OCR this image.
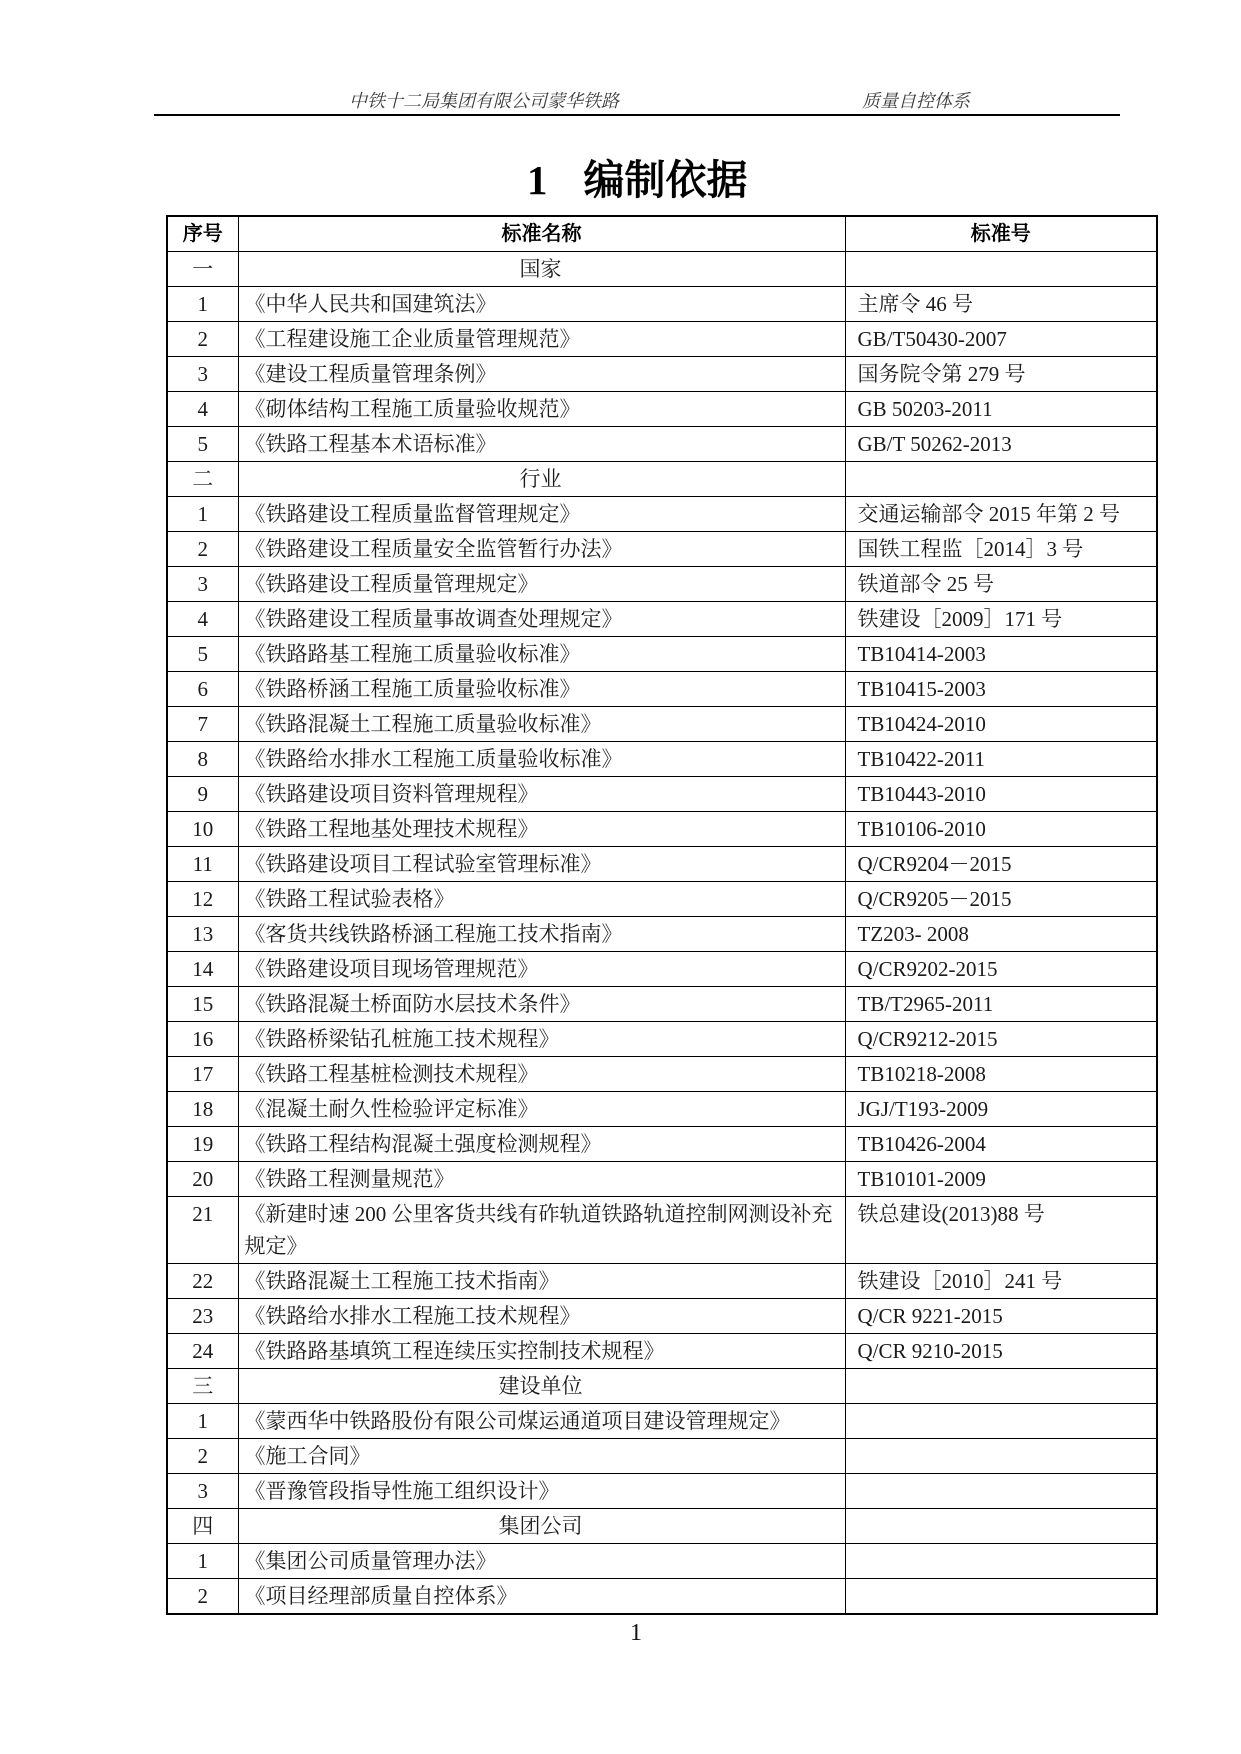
中铁十二局集团有限公司蒙华铁路	质量自控体系
1 编制依据
序号	标准名称	标准号
一	国家	
1	《中华人民共和国建筑法》	主席令 46 号
2	《工程建设施工企业质量管理规范》	GB/T50430-2007
3	《建设工程质量管理条例》	国务院令第 279 号
4	《砌体结构工程施工质量验收规范》	GB 50203-2011
5	《铁路工程基本术语标准》	GB/T 50262-2013
二	行业	
1	《铁路建设工程质量监督管理规定》	交通运输部令 2015 年第 2 号
2	《铁路建设工程质量安全监管暂行办法》	国铁工程监［2014］3 号
3	《铁路建设工程质量管理规定》	铁道部令 25 号
4	《铁路建设工程质量事故调查处理规定》	铁建设［2009］171 号
5	《铁路路基工程施工质量验收标准》	TB10414-2003
6	《铁路桥涵工程施工质量验收标准》	TB10415-2003
7	《铁路混凝土工程施工质量验收标准》	TB10424-2010
8	《铁路给水排水工程施工质量验收标准》	TB10422-2011
9	《铁路建设项目资料管理规程》	TB10443-2010
10	《铁路工程地基处理技术规程》	TB10106-2010
11	《铁路建设项目工程试验室管理标准》	Q/CR9204－2015
12	《铁路工程试验表格》	Q/CR9205－2015
13	《客货共线铁路桥涵工程施工技术指南》	TZ203- 2008
14	《铁路建设项目现场管理规范》	Q/CR9202-2015
15	《铁路混凝土桥面防水层技术条件》	TB/T2965-2011
16	《铁路桥梁钻孔桩施工技术规程》	Q/CR9212-2015
17	《铁路工程基桩检测技术规程》	TB10218-2008
18	《混凝土耐久性检验评定标准》	JGJ/T193-2009
19	《铁路工程结构混凝土强度检测规程》	TB10426-2004
20	《铁路工程测量规范》	TB10101-2009
21	《新建时速 200 公里客货共线有砟轨道铁路轨道控制网测设补充规定》	铁总建设(2013)88 号
22	《铁路混凝土工程施工技术指南》	铁建设［2010］241 号
23	《铁路给水排水工程施工技术规程》	Q/CR 9221-2015
24	《铁路路基填筑工程连续压实控制技术规程》	Q/CR 9210-2015
三	建设单位	
1	《蒙西华中铁路股份有限公司煤运通道项目建设管理规定》	
2	《施工合同》	
3	《晋豫管段指导性施工组织设计》	
四	集团公司	
1	《集团公司质量管理办法》	
2	《项目经理部质量自控体系》	
1
